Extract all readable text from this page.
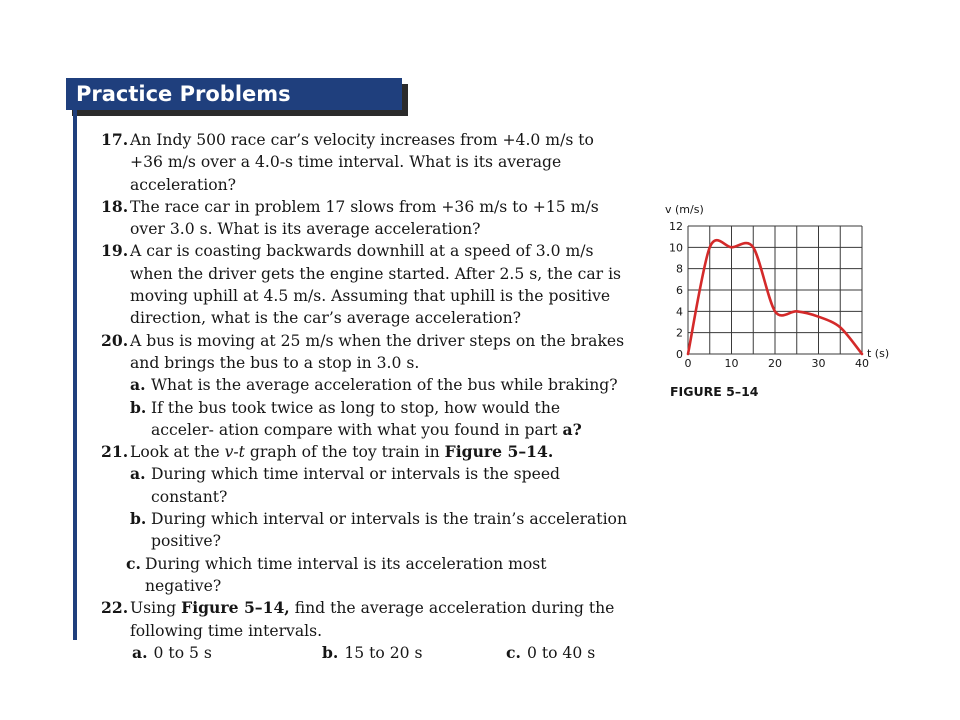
Practice Problems
17. An Indy 500 race car’s velocity increases from +4.0 m/s to +36 m/s over a 4.0-s time interval. What is its average acceleration?
18. The race car in problem 17 slows from +36 m/s to +15 m/s over 3.0 s. What is its average acceleration?
19. A car is coasting backwards downhill at a speed of 3.0 m/s when the driver gets the engine started. After 2.5 s, the car is moving uphill at 4.5 m/s. Assuming that uphill is the positive direction, what is the car’s average acceleration?
20. A bus is moving at 25 m/s when the driver steps on the brakes and brings the bus to a stop in 3.0 s.
a. What is the average acceleration of the bus while braking?
b. If the bus took twice as long to stop, how would the acceler- ation compare with what you found in part a?
21. Look at the v-t graph of the toy train in Figure 5–14.
a. During which time interval or intervals is the speed constant?
b. During which interval or intervals is the train’s acceleration positive?
c. During which time interval is its acceleration most negative?
22. Using Figure 5–14, find the average acceleration during the following time intervals.
a. 0 to 5 s	b. 15 to 20 s	c. 0 to 40 s
v (m/s)
t (s)
0
2
4
6
8
10
12
0	10	20	30	40
FIGURE 5–14
